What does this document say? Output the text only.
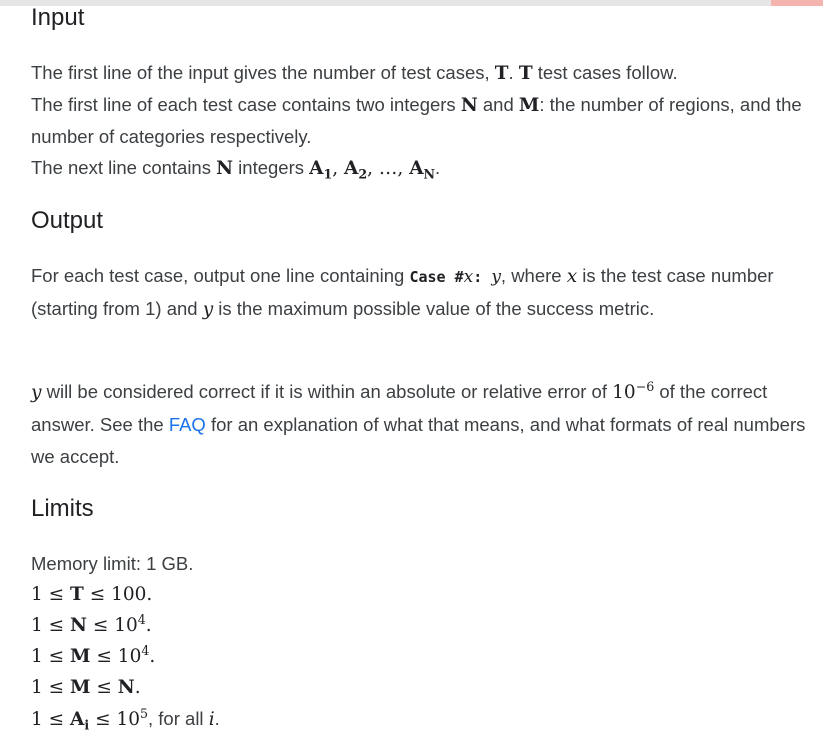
Input

The first line of the input gives the number of test cases, T. T test cases follow.
The first line of each test case contains two integers N and M: the number of regions, and the number of categories respectively.
The next line contains N integers $A_1$, $A_2$, …, $A_N$.

Output

For each test case, output one line containing Case #x: y, where x is the test case number (starting from 1) and y is the maximum possible value of the success metric.

y will be considered correct if it is within an absolute or relative error of $10^{-6}$ of the correct answer. See the FAQ for an explanation of what that means, and what formats of real numbers we accept.

Limits
Memory limit: 1 GB.
1 ≤ T ≤ 100.
$1 \le N \le 10^4$.
$1 \le M \le 10^4$.
1 ≤ M ≤ N.
$1 \le A_i \le 10^5$, for all i.
